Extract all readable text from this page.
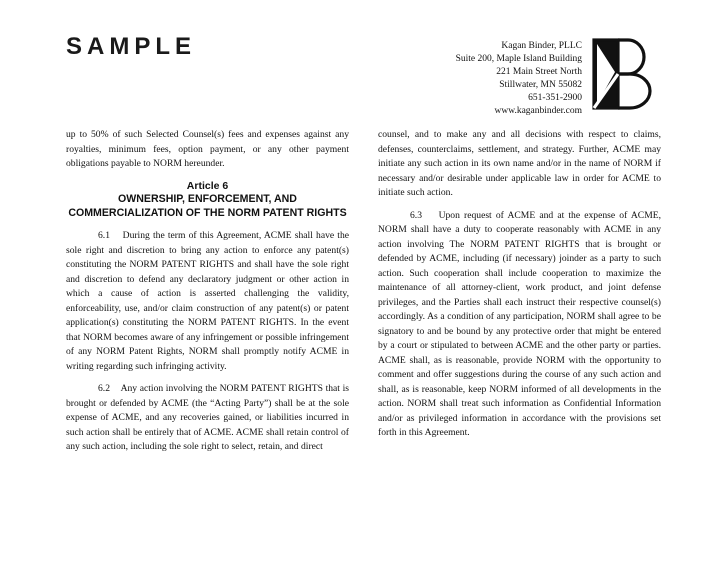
SAMPLE	Kagan Binder, PLLC
Suite 200, Maple Island Building
221 Main Street North
Stillwater, MN 55082
651-351-2900
www.kaganbinder.com

up to 50% of such Selected Counsel(s) fees and expenses against any royalties, minimum fees, option payment, or any other payment obligations payable to NORM hereunder.

Article 6
OWNERSHIP, ENFORCEMENT, AND COMMERCIALIZATION OF THE NORM PATENT RIGHTS

6.1 During the term of this Agreement, ACME shall have the sole right and discretion to bring any action to enforce any patent(s) constituting the NORM PATENT RIGHTS and shall have the sole right and discretion to defend any declaratory judgment or other action in which a cause of action is asserted challenging the validity, enforceability, use, and/or claim construction of any patent(s) or patent application(s) constituting the NORM PATENT RIGHTS. In the event that NORM becomes aware of any infringement or possible infringement of any NORM Patent Rights, NORM shall promptly notify ACME in writing regarding such infringing activity.

6.2 Any action involving the NORM PATENT RIGHTS that is brought or defended by ACME (the “Acting Party”) shall be at the sole expense of ACME, and any recoveries gained, or liabilities incurred in such action shall be entirely that of ACME. ACME shall retain control of any such action, including the sole right to select, retain, and direct

counsel, and to make any and all decisions with respect to claims, defenses, counterclaims, settlement, and strategy. Further, ACME may initiate any such action in its own name and/or in the name of NORM if necessary and/or desirable under applicable law in order for ACME to initiate such action.

6.3 Upon request of ACME and at the expense of ACME, NORM shall have a duty to cooperate reasonably with ACME in any action involving The NORM PATENT RIGHTS that is brought or defended by ACME, including (if necessary) joinder as a party to such action. Such cooperation shall include cooperation to maximize the maintenance of all attorney-client, work product, and joint defense privileges, and the Parties shall each instruct their respective counsel(s) accordingly. As a condition of any participation, NORM shall agree to be signatory to and be bound by any protective order that might be entered by a court or stipulated to between ACME and the other party or parties. ACME shall, as is reasonable, provide NORM with the opportunity to comment and offer suggestions during the course of any such action and shall, as is reasonable, keep NORM informed of all developments in the action. NORM shall treat such information as Confidential Information and/or as privileged information in accordance with the provisions set forth in this Agreement.
